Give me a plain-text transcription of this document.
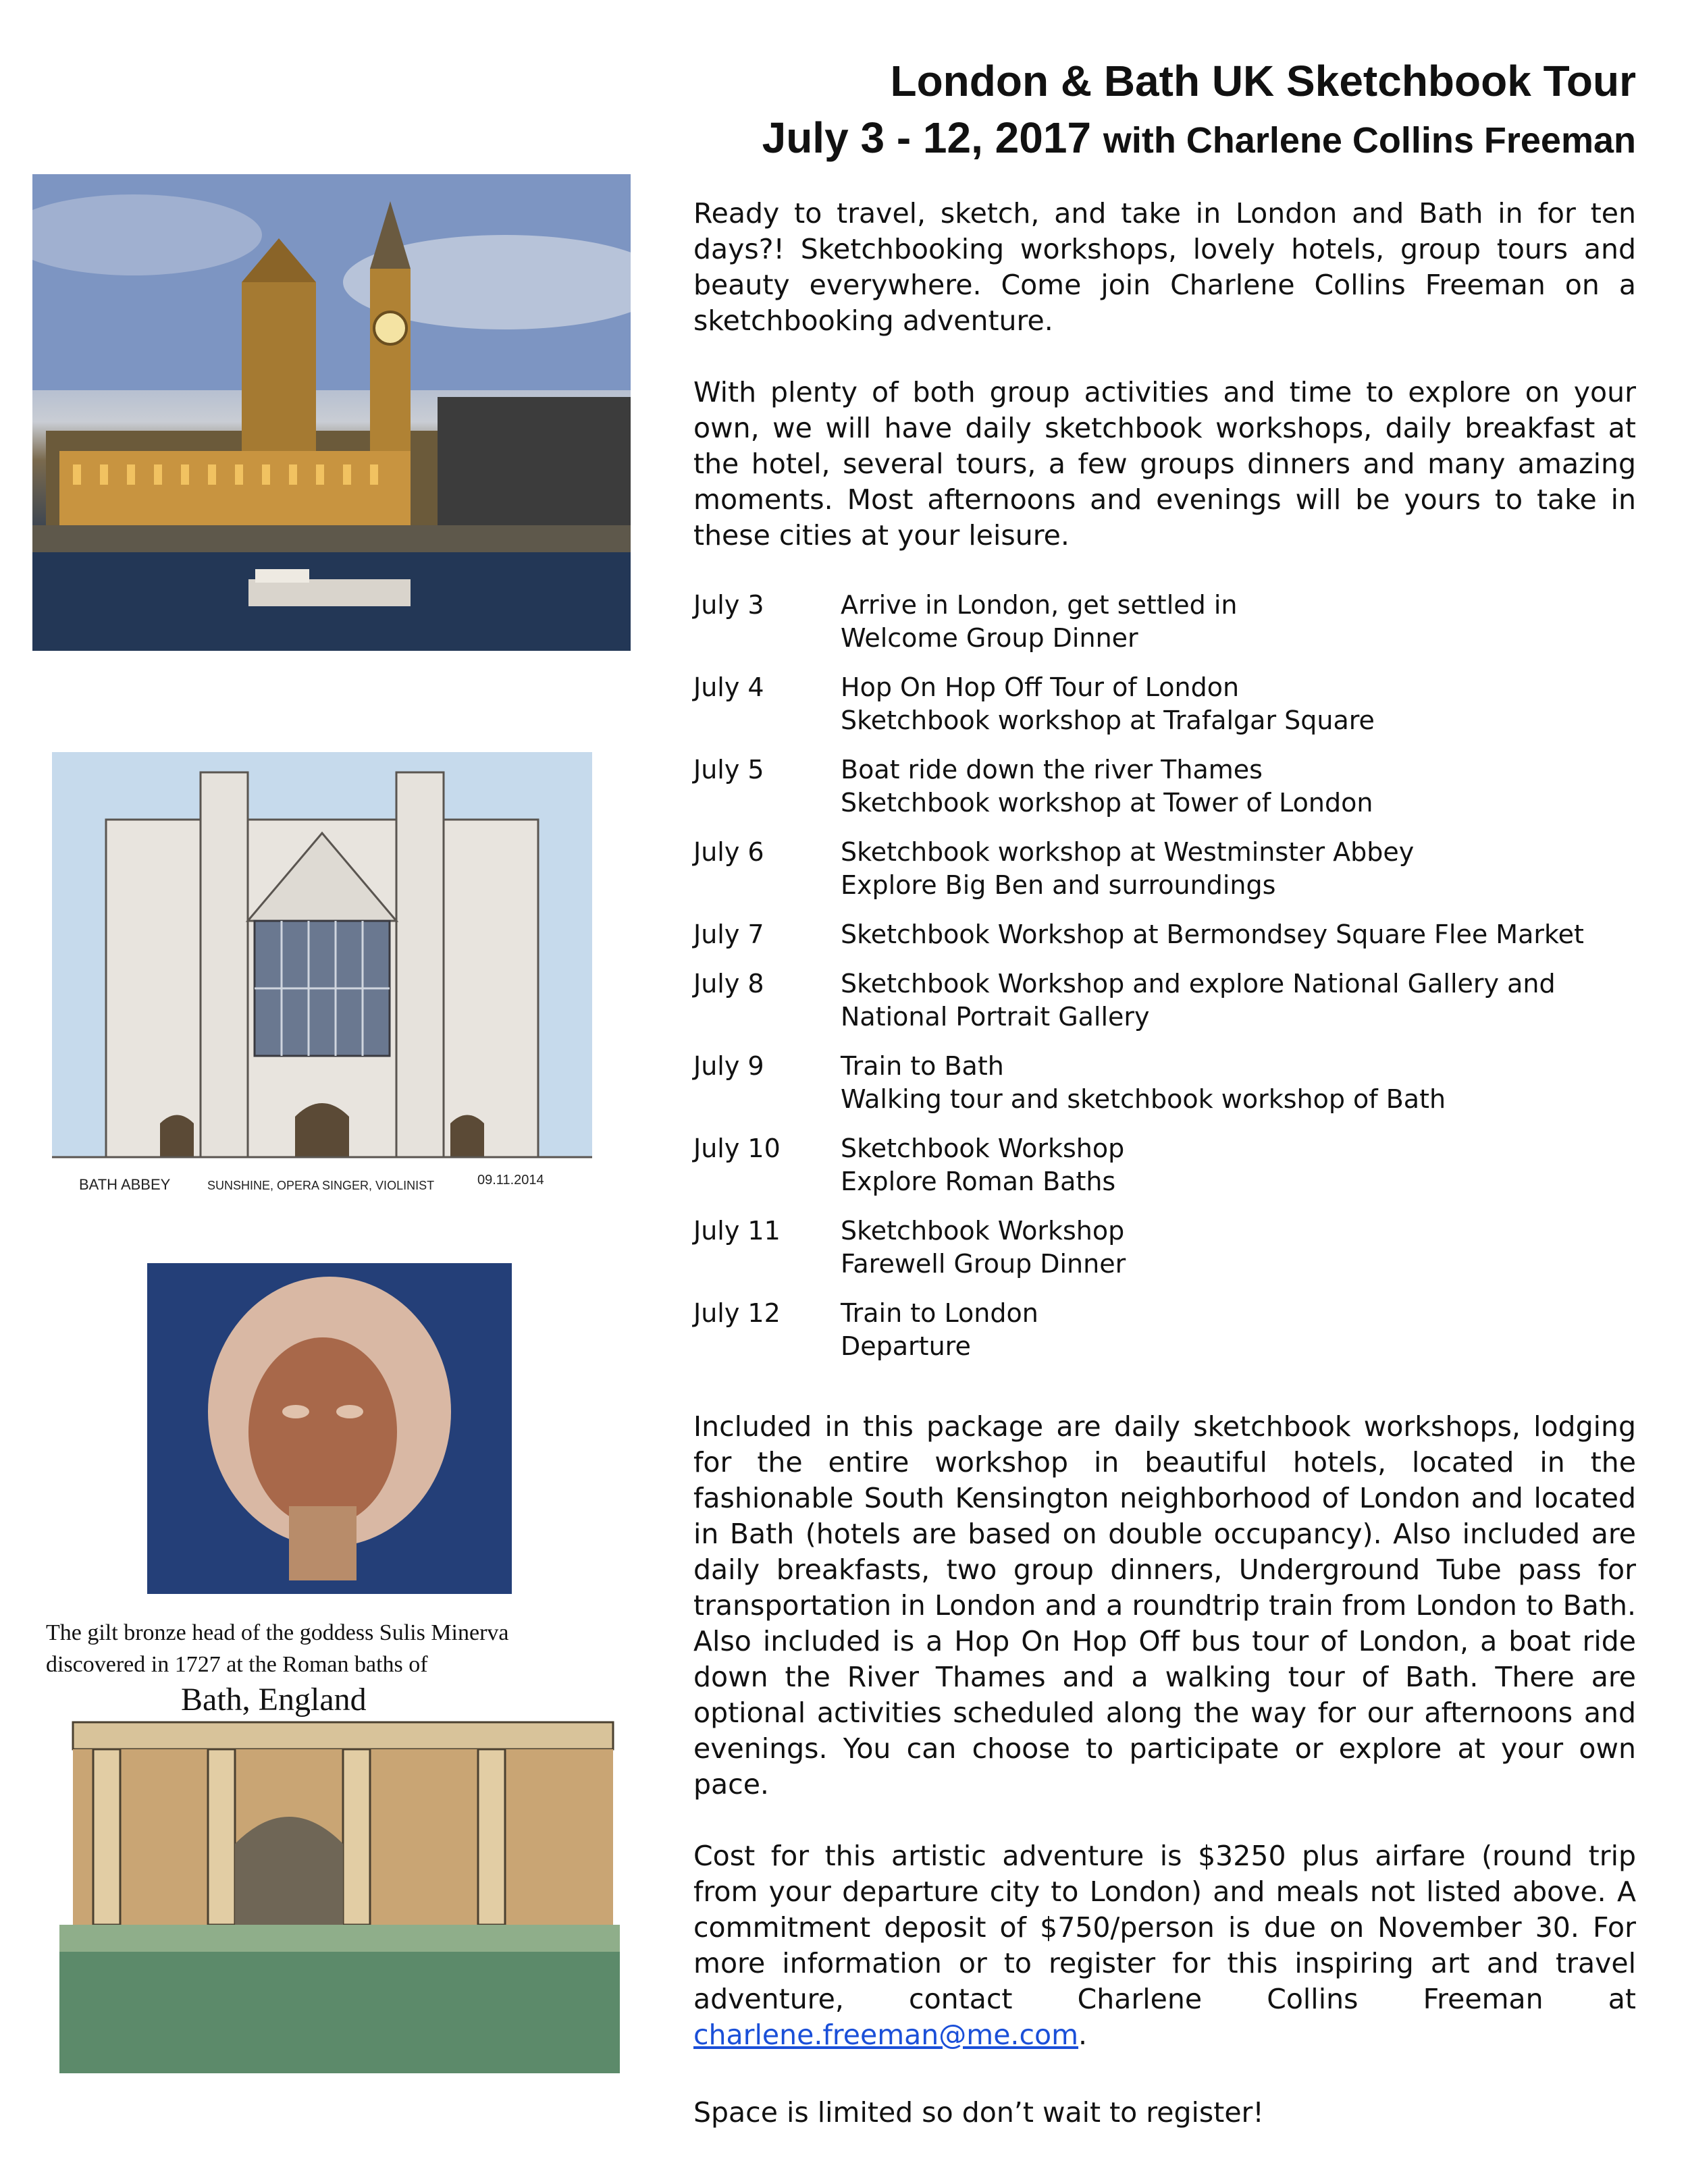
London & Bath UK Sketchbook Tour
July 3 - 12, 2017 with Charlene Collins Freeman
BATH ABBEY	SUNSHINE, OPERA SINGER, VIOLINIST	09.11.2014
The gilt bronze head of the goddess Sulis Minerva
discovered in 1727 at the Roman baths of
Bath, England

Ready to travel, sketch, and take in London and Bath in for ten days?! Sketchbooking workshops, lovely hotels, group tours and beauty everywhere. Come join Charlene Collins Freeman on a sketchbooking adventure.

With plenty of both group activities and time to explore on your own, we will have daily sketchbook workshops, daily breakfast at the hotel, several tours, a few groups dinners and many amazing moments. Most afternoons and evenings will be yours to take in these cities at your leisure.

July 3	Arrive in London, get settled in
Welcome Group Dinner
July 4	Hop On Hop Off Tour of London
Sketchbook workshop at Trafalgar Square
July 5	Boat ride down the river Thames
Sketchbook workshop at Tower of London
July 6	Sketchbook workshop at Westminster Abbey
Explore Big Ben and surroundings
July 7	Sketchbook Workshop at Bermondsey Square Flee Market
July 8	Sketchbook Workshop and explore National Gallery and
National Portrait Gallery
July 9	Train to Bath
Walking tour and sketchbook workshop of Bath
July 10	Sketchbook Workshop
Explore Roman Baths
July 11	Sketchbook Workshop
Farewell Group Dinner
July 12	Train to London
Departure

Included in this package are daily sketchbook workshops, lodging for the entire workshop in beautiful hotels, located in the fashionable South Kensington neighborhood of London and located in Bath (hotels are based on double occupancy). Also included are daily breakfasts, two group dinners, Underground Tube pass for transportation in London and a roundtrip train from London to Bath. Also included is a Hop On Hop Off bus tour of London, a boat ride down the River Thames and a walking tour of Bath. There are optional activities scheduled along the way for our afternoons and evenings. You can choose to participate or explore at your own pace.

Cost for this artistic adventure is $3250 plus airfare (round trip from your departure city to London) and meals not listed above. A commitment deposit of $750/person is due on November 30. For more information or to register for this inspiring art and travel adventure, contact Charlene Collins Freeman at charlene.freeman@me.com.

Space is limited so don’t wait to register!
